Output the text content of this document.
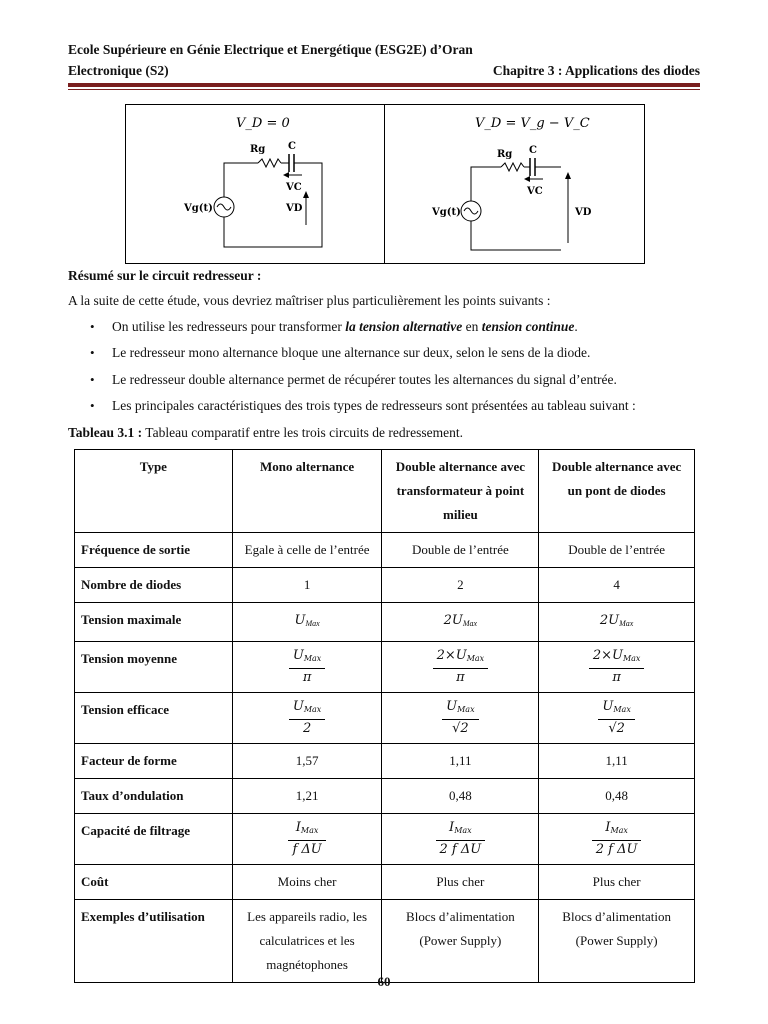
Ecole Supérieure en Génie Electrique et Energétique (ESG2E) d’Oran
Electronique (S2)	Chapitre 3 : Applications des diodes
V_D = 0
Rg C
VC
Vg(t)	VD
V_D = V_g − V_C
Rg C
VC
Vg(t)	VD
Résumé sur le circuit redresseur :
A la suite de cette étude, vous devriez maîtriser plus particulièrement les points suivants :
• On utilise les redresseurs pour transformer la tension alternative en tension continue.
• Le redresseur mono alternance bloque une alternance sur deux, selon le sens de la diode.
• Le redresseur double alternance permet de récupérer toutes les alternances du signal d’entrée.
• Les principales caractéristiques des trois types de redresseurs sont présentées au tableau suivant :
Tableau 3.1 : Tableau comparatif entre les trois circuits de redressement.
Type	Mono alternance	Double alternance avec transformateur à point milieu	Double alternance avec un pont de diodes
Fréquence de sortie	Egale à celle de l’entrée	Double de l’entrée	Double de l’entrée
Nombre de diodes	1	2	4
Tension maximale	$U_{Max}$	$2U_{Max}$	$2U_{Max}$
Tension moyenne	$\frac{U_{Max}}{\pi}$	$\frac{2\times U_{Max}}{\pi}$	$\frac{2\times U_{Max}}{\pi}$

Tension efficace	$\frac{U_{Max}}{2}$	$\frac{U_{Max}}{√2}$	$\frac{U_{Max}}{√2}$

Facteur de forme	1,57	1,11	1,11
Taux d’ondulation	1,21	0,48	0,48
Capacité de filtrage	$\frac{I_{Max}}{\text{f ΔU}}$	$\frac{I_{Max}}{\text{2 f ΔU}}$	$\frac{I_{Max}}{\text{2 f ΔU}}$

Coût	Moins cher	Plus cher	Plus cher
Exemples d’utilisation	Les appareils radio, les calculatrices et les magnétophones	Blocs d’alimentation (Power Supply)	Blocs d’alimentation (Power Supply)
60
